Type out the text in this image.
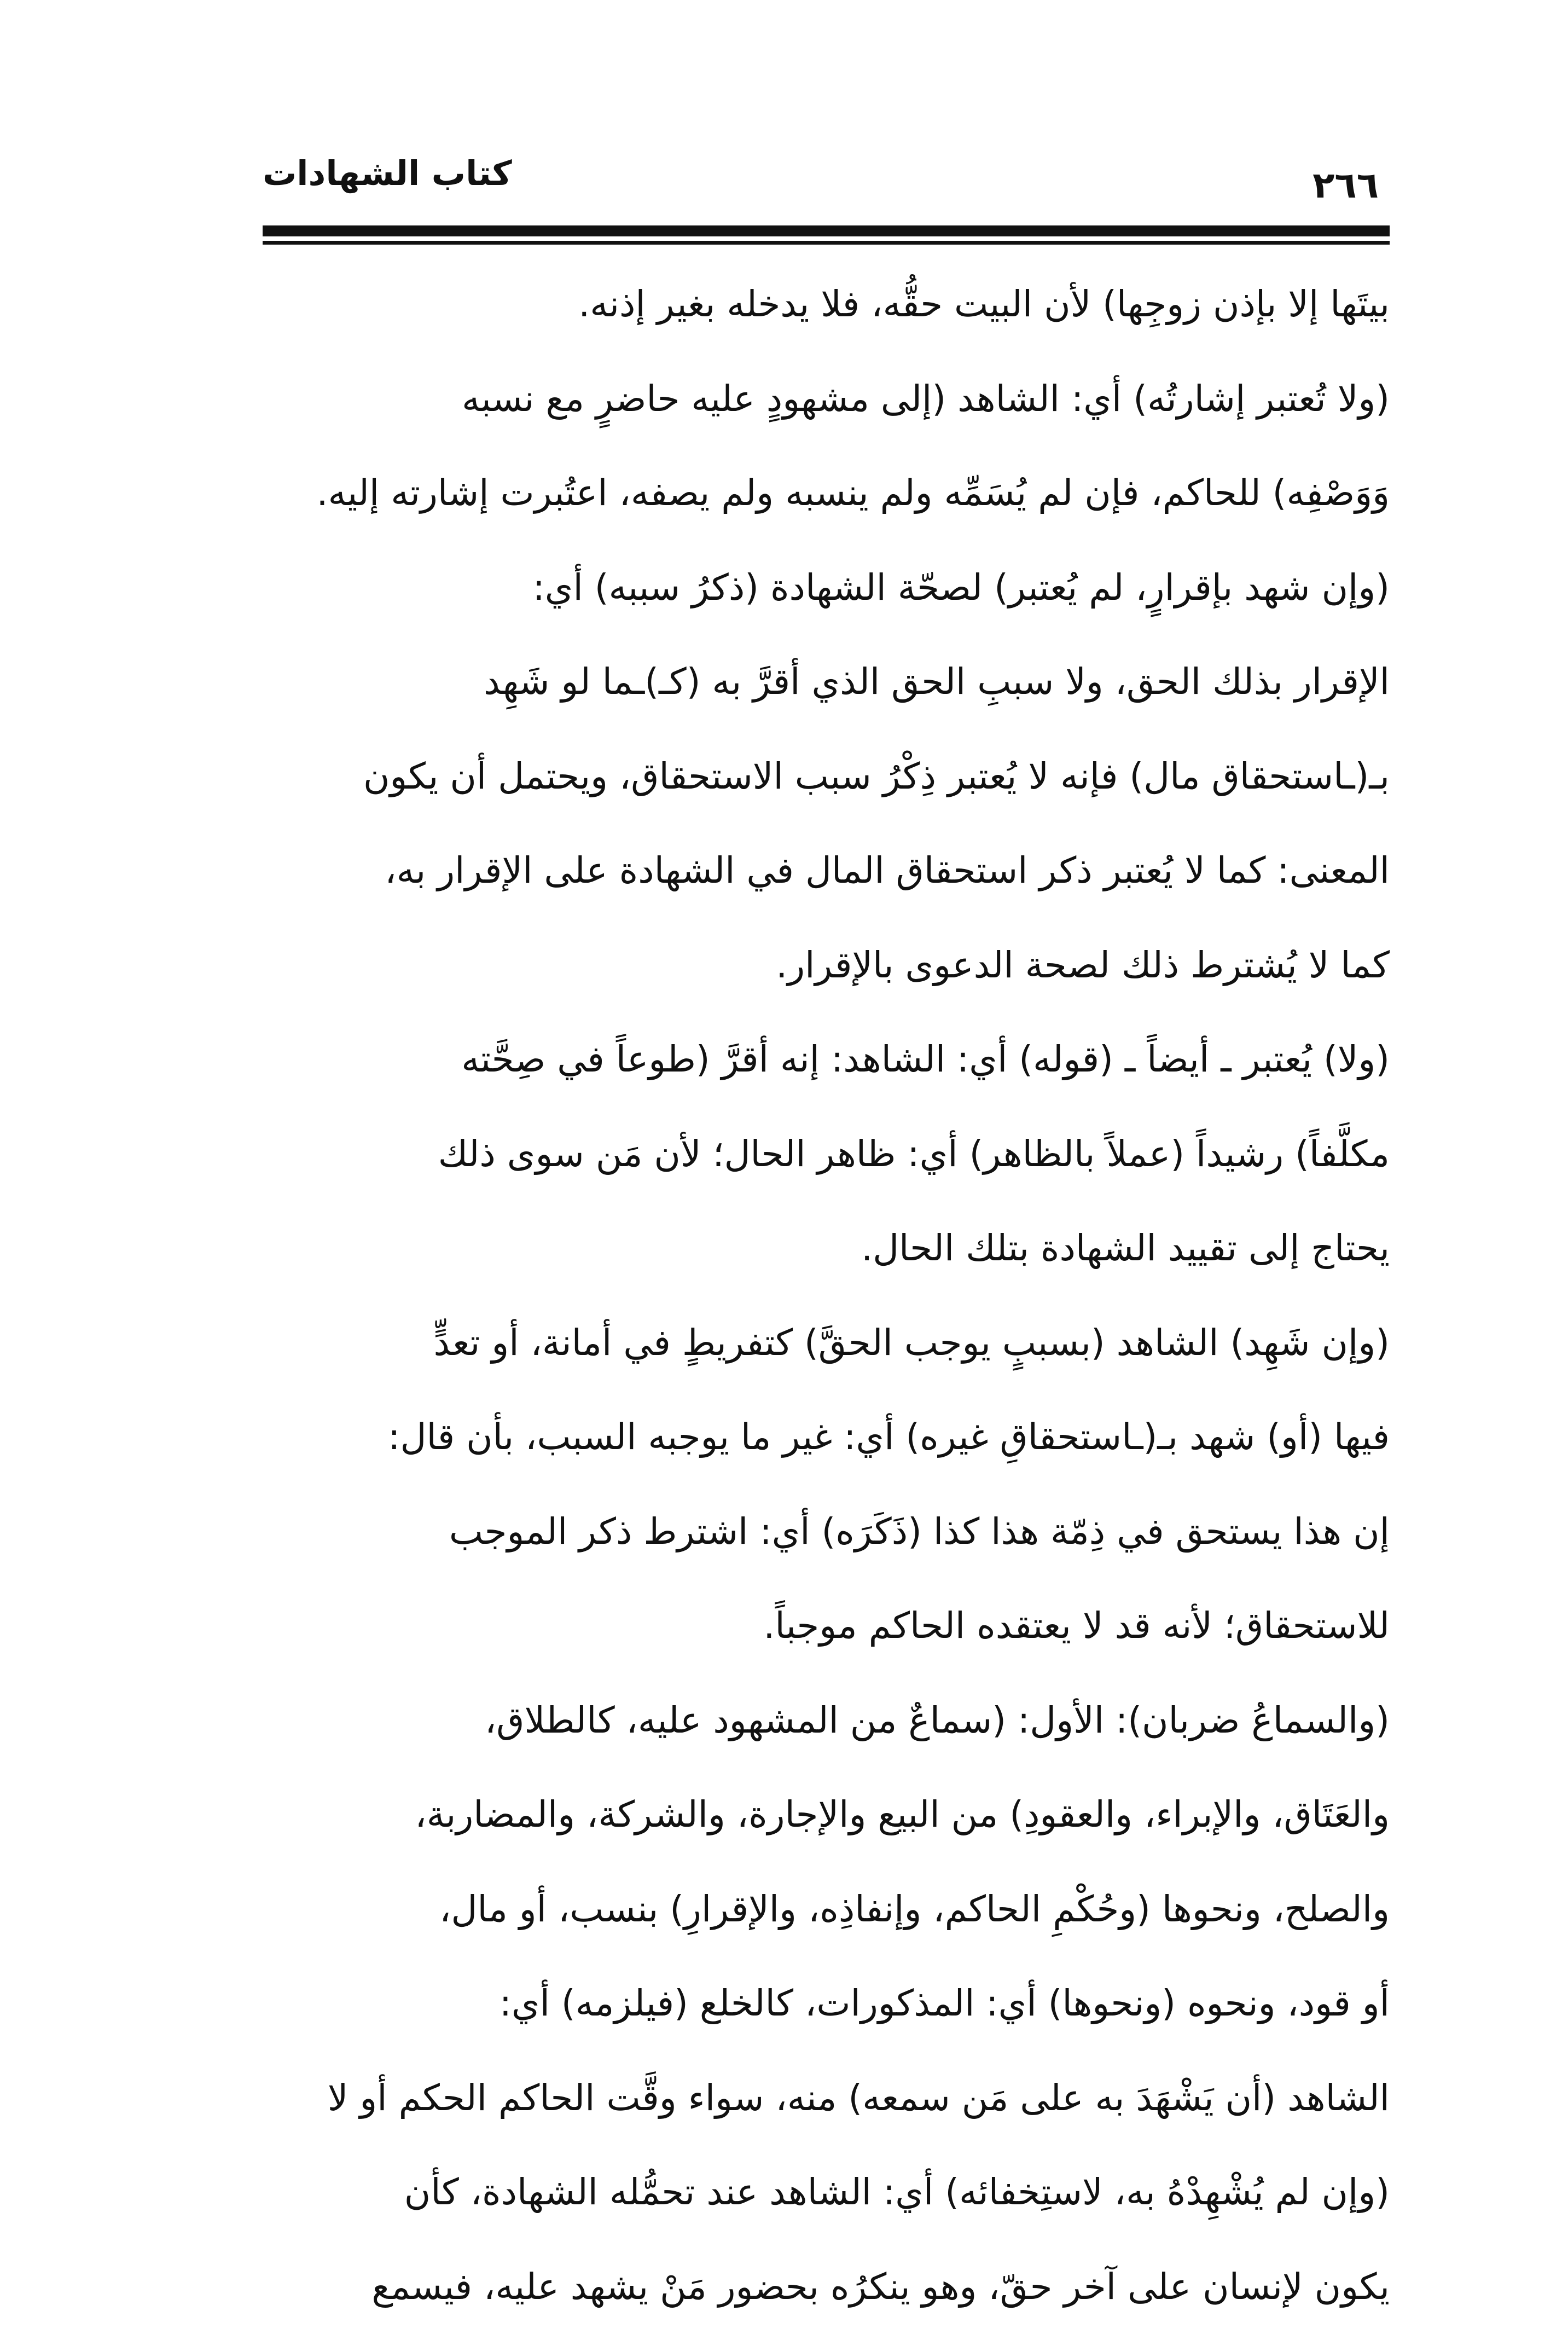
كتاب الشهادات	٢٦٦
بيتَها إلا بإذن زوجِها) لأن البيت حقُّه، فلا يدخله بغير إذنه.
(ولا تُعتبر إشارتُه) أي: الشاهد (إلى مشهودٍ عليه حاضرٍ مع نسبه
وَوَصْفِه) للحاكم، فإن لم يُسَمِّه ولم ينسبه ولم يصفه، اعتُبرت إشارته إليه.
(وإن شهد بإقرارٍ، لم يُعتبر) لصحّة الشهادة (ذكرُ سببه) أي:
الإقرار بذلك الحق، ولا سببِ الحق الذي أقرَّ به (كـ)ـما لو شَهِد
بـ(ـاستحقاق مال) فإنه لا يُعتبر ذِكْرُ سبب الاستحقاق، ويحتمل أن يكون
المعنى: كما لا يُعتبر ذكر استحقاق المال في الشهادة على الإقرار به،
كما لا يُشترط ذلك لصحة الدعوى بالإقرار.
(ولا) يُعتبر ـ أيضاً ـ (قوله) أي: الشاهد: إنه أقرَّ (طوعاً في صِحَّته
مكلَّفاً) رشيداً (عملاً بالظاهر) أي: ظاهر الحال؛ لأن مَن سوى ذلك
يحتاج إلى تقييد الشهادة بتلك الحال.
(وإن شَهِد) الشاهد (بسببٍ يوجب الحقَّ) كتفريطٍ في أمانة، أو تعدٍّ
فيها (أو) شهد بـ(ـاستحقاقِ غيره) أي: غير ما يوجبه السبب، بأن قال:
إن هذا يستحق في ذِمّة هذا كذا (ذَكَرَه) أي: اشترط ذكر الموجب
للاستحقاق؛ لأنه قد لا يعتقده الحاكم موجباً.
(والسماعُ ضربان): الأول: (سماعٌ من المشهود عليه، كالطلاق،
والعَتَاق، والإبراء، والعقودِ) من البيع والإجارة، والشركة، والمضاربة،
والصلح، ونحوها (وحُكْمِ الحاكم، وإنفاذِه، والإقرارِ) بنسب، أو مال،
أو قود، ونحوه (ونحوها) أي: المذكورات، كالخلع (فيلزمه) أي:
الشاهد (أن يَشْهَدَ به على مَن سمعه) منه، سواء وقَّت الحاكم الحكم أو لا
(وإن لم يُشْهِدْهُ به، لاستِخفائه) أي: الشاهد عند تحمُّله الشهادة، كأن
يكون لإنسان على آخر حقّ، وهو ينكرُه بحضور مَنْ يشهد عليه، فيسمع
